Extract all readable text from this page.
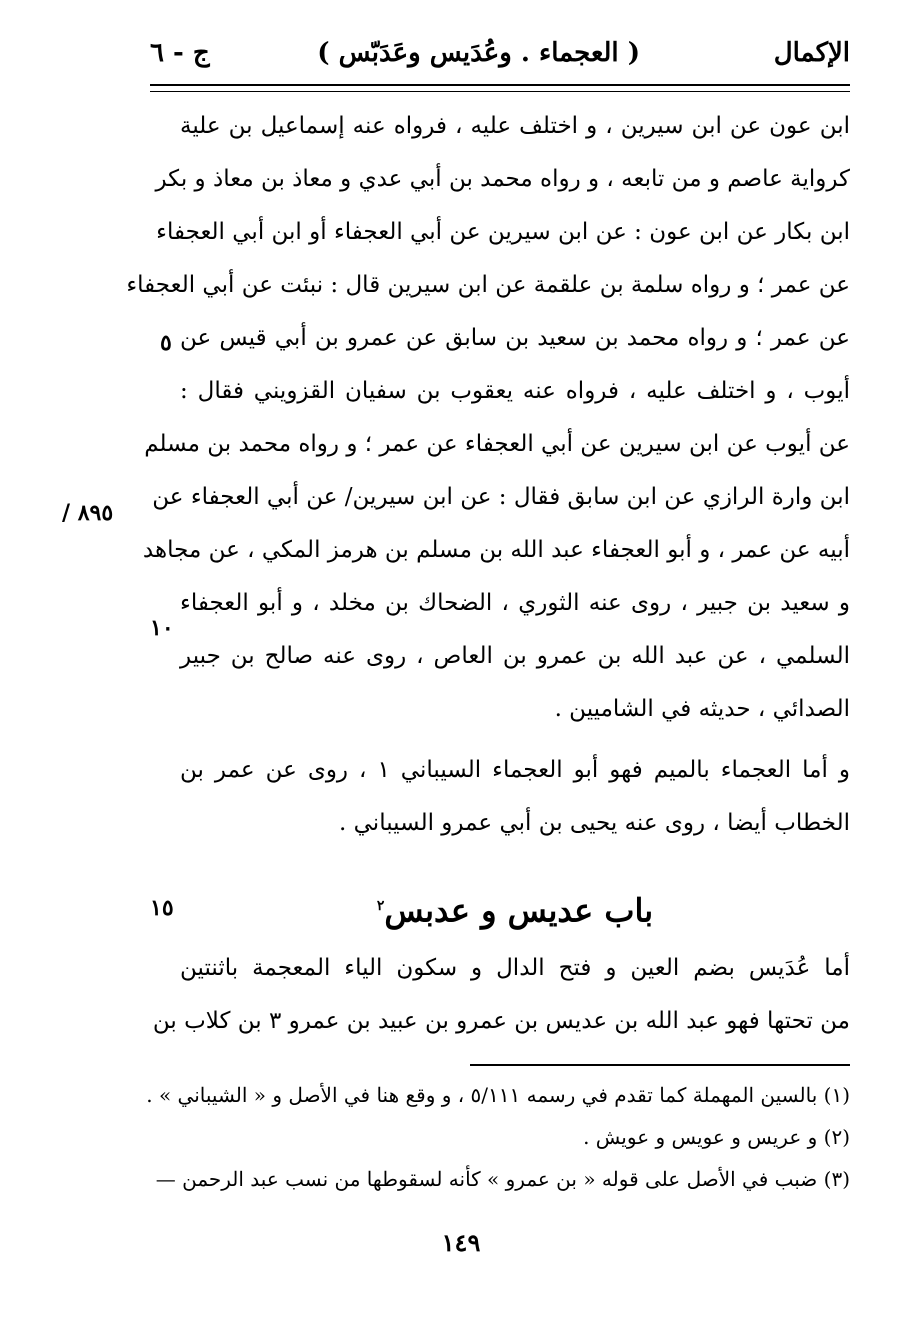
الإكمال
( العجماء . وعُدَيس وعَدَبّس )
ج - ٦
ابن عون عن ابن سيرين ، و اختلف عليه ، فرواه عنه إسماعيل بن علية
كرواية عاصم و من تابعه ، و رواه محمد بن أبي عدي و معاذ بن معاذ و بكر
ابن بكار عن ابن عون : عن ابن سيرين عن أبي العجفاء أو ابن أبي العجفاء
عن عمر ؛ و رواه سلمة بن علقمة عن ابن سيرين قال : نبئت عن أبي العجفاء
عن عمر ؛ و رواه محمد بن سعيد بن سابق عن عمرو بن أبي قيس عن
أيوب ، و اختلف عليه ، فرواه عنه يعقوب بن سفيان القزويني فقال :
عن أيوب عن ابن سيرين عن أبي العجفاء عن عمر ؛ و رواه محمد بن مسلم
ابن وارة الرازي عن ابن سابق فقال : عن ابن سيرين/ عن أبي العجفاء عن
أبيه عن عمر ، و أبو العجفاء عبد الله بن مسلم بن هرمز المكي ، عن مجاهد
و سعيد بن جبير ، روى عنه الثوري ، الضحاك بن مخلد ، و أبو العجفاء
السلمي ، عن عبد الله بن عمرو بن العاص ، روى عنه صالح بن جبير
الصدائي ، حديثه في الشاميين .
و أما العجماء بالميم فهو أبو العجماء السيباني ١ ، روى عن عمر بن
الخطاب أيضا ، روى عنه يحيى بن أبي عمرو السيباني .
٥
٨٩٥ /
١٠
١٥	باب عديس و عدبس$^٢$
أما عُدَيس بضم العين و فتح الدال و سكون الياء المعجمة باثنتين
من تحتها فهو عبد الله بن عديس بن عمرو بن عبيد بن عمرو ٣ بن كلاب بن
(١) بالسين المهملة كما تقدم في رسمه ٥/١١١ ، و وقع هنا في الأصل و « الشيباني » .
(٢) و عريس و عويس و عويش .
(٣) ضبب في الأصل على قوله « بن عمرو » كأنه لسقوطها من نسب عبد الرحمن —
١٤٩
